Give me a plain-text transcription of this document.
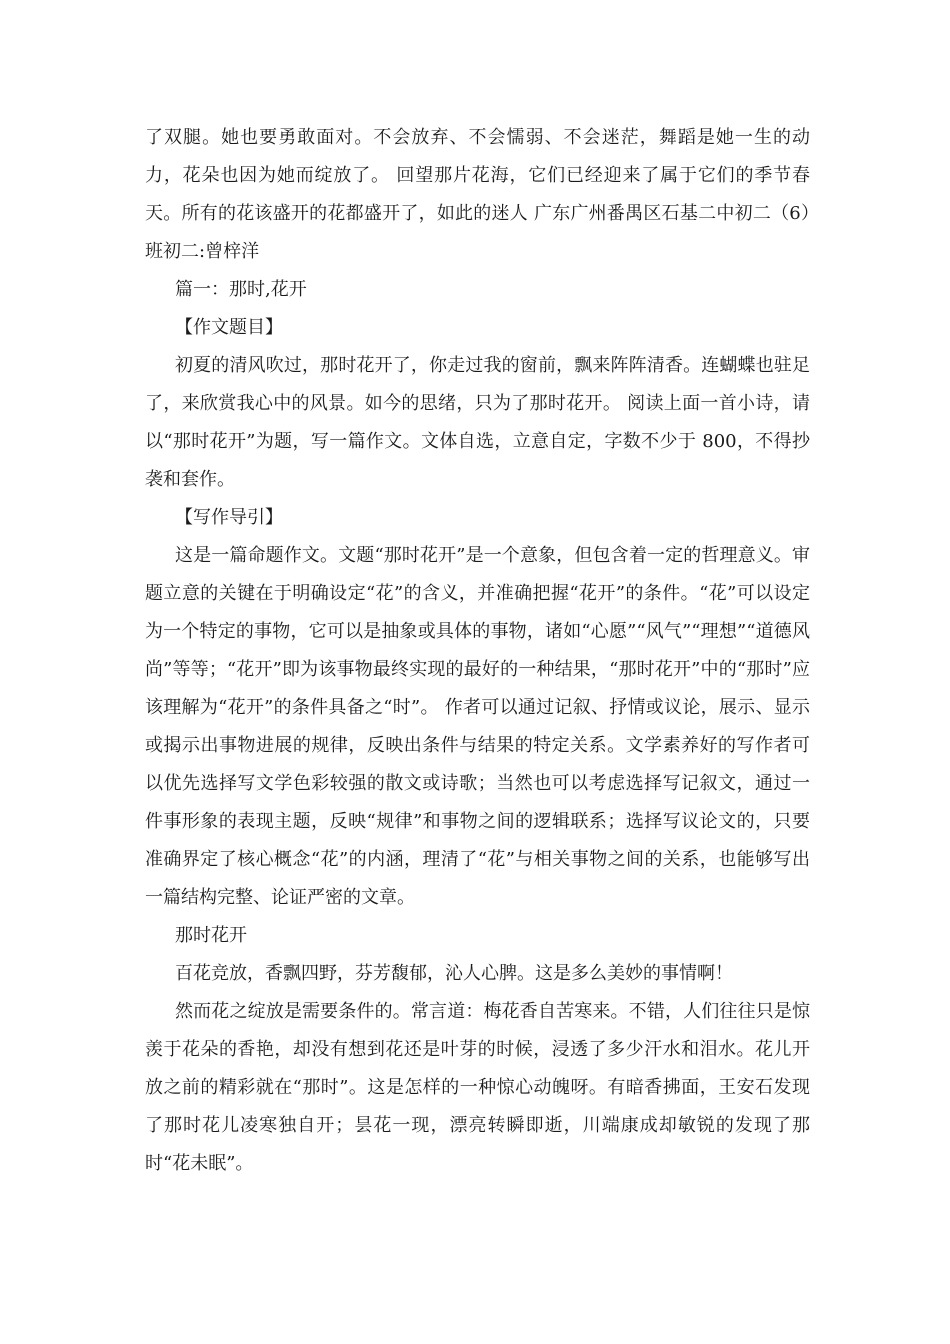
了双腿。她也要勇敢面对。不会放弃、不会懦弱、不会迷茫，舞蹈是她一生的动力，花朵也因为她而绽放了。 回望那片花海，它们已经迎来了属于它们的季节春天。所有的花该盛开的花都盛开了，如此的迷人 广东广州番禺区石基二中初二（6）班初二:曾梓洋

篇一：那时,花开

【作文题目】

初夏的清风吹过，那时花开了，你走过我的窗前，飘来阵阵清香。连蝴蝶也驻足了，来欣赏我心中的风景。如今的思绪，只为了那时花开。 阅读上面一首小诗，请以“那时花开”为题，写一篇作文。文体自选，立意自定，字数不少于 800，不得抄袭和套作。

【写作导引】

这是一篇命题作文。文题“那时花开”是一个意象，但包含着一定的哲理意义。审题立意的关键在于明确设定“花”的含义，并准确把握“花开”的条件。“花”可以设定为一个特定的事物，它可以是抽象或具体的事物，诸如“心愿”“风气”“理想”“道德风尚”等等；“花开”即为该事物最终实现的最好的一种结果，“那时花开”中的“那时”应该理解为“花开”的条件具备之“时”。 作者可以通过记叙、抒情或议论，展示、显示或揭示出事物进展的规律，反映出条件与结果的特定关系。文学素养好的写作者可以优先选择写文学色彩较强的散文或诗歌；当然也可以考虑选择写记叙文，通过一件事形象的表现主题，反映“规律”和事物之间的逻辑联系；选择写议论文的，只要准确界定了核心概念“花”的内涵，理清了“花”与相关事物之间的关系，也能够写出一篇结构完整、论证严密的文章。

那时花开

百花竞放，香飘四野，芬芳馥郁，沁人心脾。这是多么美妙的事情啊！

然而花之绽放是需要条件的。常言道：梅花香自苦寒来。不错，人们往往只是惊羡于花朵的香艳，却没有想到花还是叶芽的时候，浸透了多少汗水和泪水。花儿开放之前的精彩就在“那时”。这是怎样的一种惊心动魄呀。有暗香拂面，王安石发现了那时花儿凌寒独自开；昙花一现，漂亮转瞬即逝，川端康成却敏锐的发现了那时“花未眠”。
